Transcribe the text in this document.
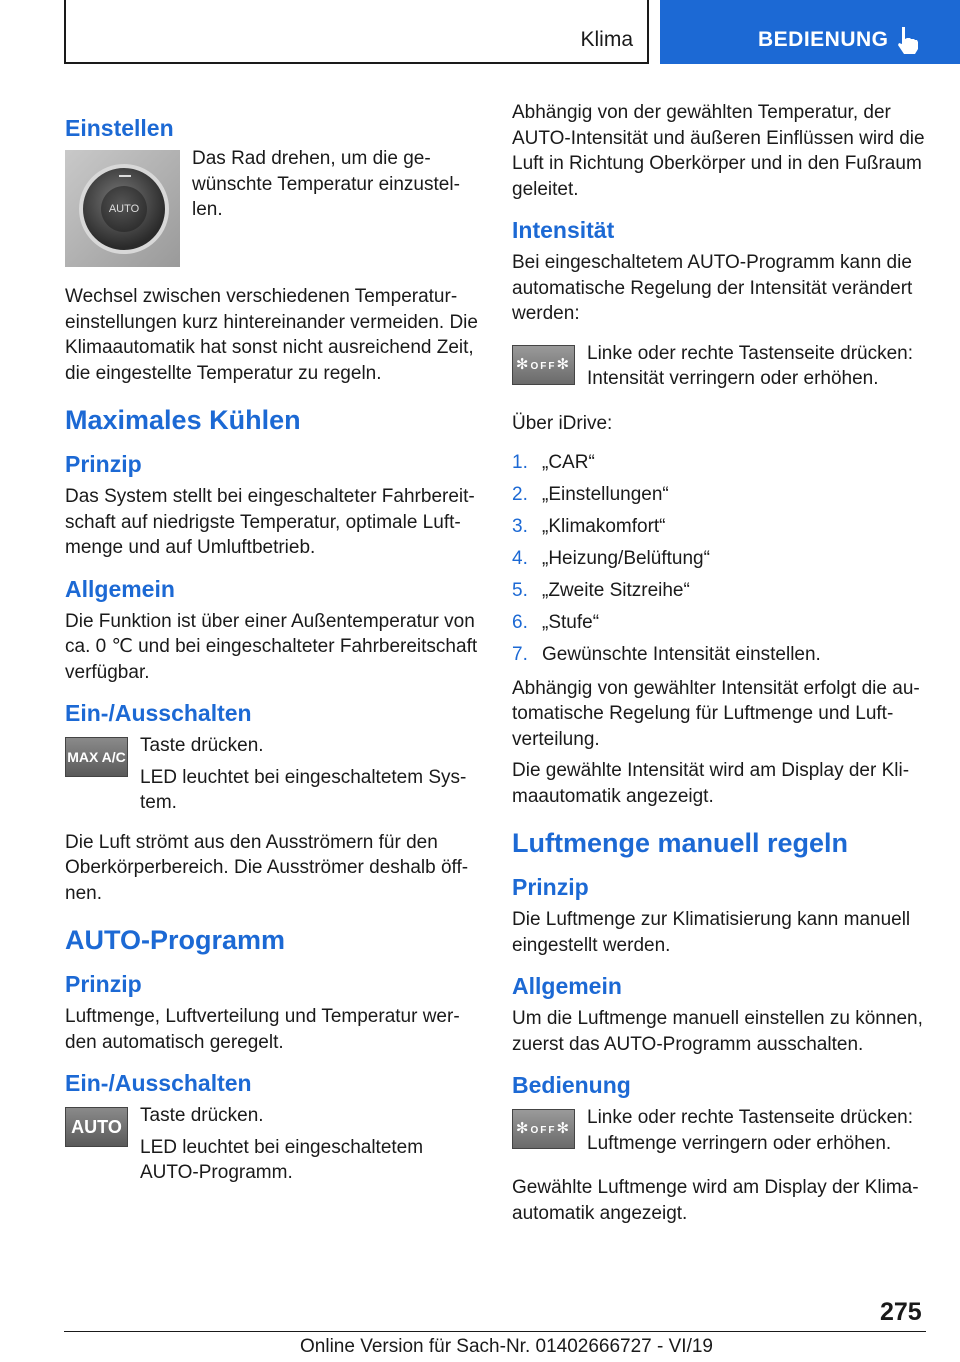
Klima	BEDIENUNG
Einstellen
AUTO

Das Rad drehen, um die gewünschte Temperatur einzustellen.

Wechsel zwischen verschiedenen Temperatureinstellungen kurz hintereinander vermeiden. Die Klimaautomatik hat sonst nicht ausreichend Zeit, die eingestellte Temperatur zu regeln.

Maximales Kühlen
Prinzip

Das System stellt bei eingeschalteter Fahrbereitschaft auf niedrigste Temperatur, optimale Luftmenge und auf Umluftbetrieb.

Allgemein

Die Funktion ist über einer Außentemperatur von ca. 0 ℃ und bei eingeschalteter Fahrbereitschaft verfügbar.

Ein-/Ausschalten
MAX A/C

Taste drücken.

LED leuchtet bei eingeschaltetem System.

Die Luft strömt aus den Ausströmern für den Oberkörperbereich. Die Ausströmer deshalb öffnen.

AUTO-Programm
Prinzip

Luftmenge, Luftverteilung und Temperatur werden automatisch geregelt.

Ein-/Ausschalten
AUTO

Taste drücken.

LED leuchtet bei eingeschaltetem AUTO-Programm.

Abhängig von der gewählten Temperatur, der AUTO-Intensität und äußeren Einflüssen wird die Luft in Richtung Oberkörper und in den Fußraum geleitet.

Intensität

Bei eingeschaltetem AUTO-Programm kann die automatische Regelung der Intensität verändert werden:

✻OFF✻

Linke oder rechte Tastenseite drücken: Intensität verringern oder erhöhen.

Über iDrive:

1. „CAR“
2. „Einstellungen“
3. „Klimakomfort“
4. „Heizung/Belüftung“
5. „Zweite Sitzreihe“
6. „Stufe“
7. Gewünschte Intensität einstellen.

Abhängig von gewählter Intensität erfolgt die automatische Regelung für Luftmenge und Luftverteilung.

Die gewählte Intensität wird am Display der Klimaautomatik angezeigt.

Luftmenge manuell regeln
Prinzip

Die Luftmenge zur Klimatisierung kann manuell eingestellt werden.

Allgemein

Um die Luftmenge manuell einstellen zu können, zuerst das AUTO-Programm ausschalten.

Bedienung
✻OFF✻

Linke oder rechte Tastenseite drücken: Luftmenge verringern oder erhöhen.

Gewählte Luftmenge wird am Display der Klimaautomatik angezeigt.

275
Online Version für Sach-Nr. 01402666727 - VI/19
